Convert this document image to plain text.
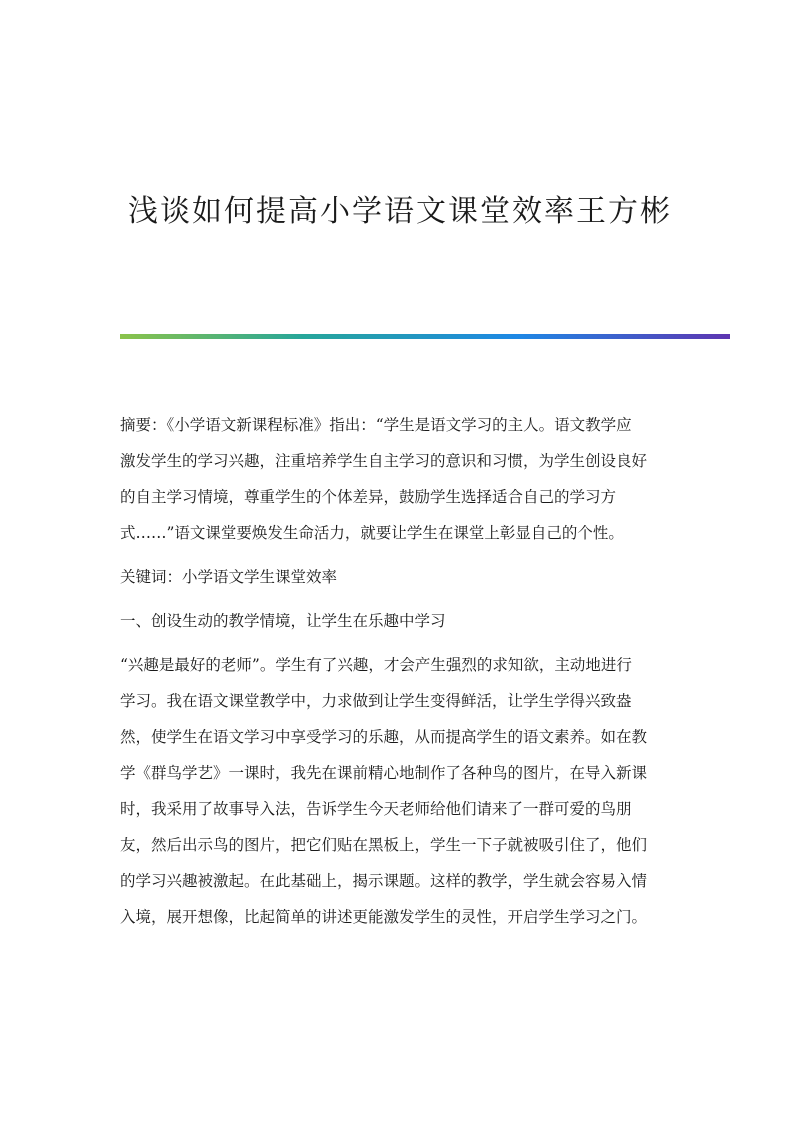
浅谈如何提高小学语文课堂效率王方彬

摘要：《小学语文新课程标准》指出：“学生是语文学习的主人。语文教学应
激发学生的学习兴趣，注重培养学生自主学习的意识和习惯，为学生创设良好
的自主学习情境，尊重学生的个体差异，鼓励学生选择适合自己的学习方
式……”语文课堂要焕发生命活力，就要让学生在课堂上彰显自己的个性。

关键词：小学语文学生课堂效率

一、创设生动的教学情境，让学生在乐趣中学习

“兴趣是最好的老师”。学生有了兴趣，才会产生强烈的求知欲，主动地进行
学习。我在语文课堂教学中，力求做到让学生变得鲜活，让学生学得兴致盎
然，使学生在语文学习中享受学习的乐趣，从而提高学生的语文素养。如在教
学《群鸟学艺》一课时，我先在课前精心地制作了各种鸟的图片，在导入新课
时，我采用了故事导入法，告诉学生今天老师给他们请来了一群可爱的鸟朋
友，然后出示鸟的图片，把它们贴在黑板上，学生一下子就被吸引住了，他们
的学习兴趣被激起。在此基础上，揭示课题。这样的教学，学生就会容易入情
入境，展开想像，比起简单的讲述更能激发学生的灵性，开启学生学习之门。
